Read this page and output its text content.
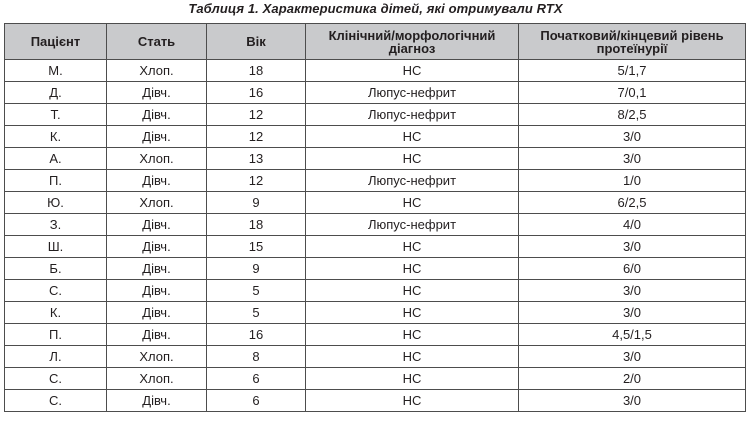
Таблиця 1. Характеристика дітей, які отримували RTX
Пацієнт	Стать	Вік	Клінічний/морфологічний діагноз	Початковий/кінцевий рівень протеїнурії
М.	Хлоп.	18	НС	5/1,7
Д.	Дівч.	16	Люпус-нефрит	7/0,1
Т.	Дівч.	12	Люпус-нефрит	8/2,5
К.	Дівч.	12	НС	3/0
А.	Хлоп.	13	НС	3/0
П.	Дівч.	12	Люпус-нефрит	1/0
Ю.	Хлоп.	9	НС	6/2,5
З.	Дівч.	18	Люпус-нефрит	4/0
Ш.	Дівч.	15	НС	3/0
Б.	Дівч.	9	НС	6/0
С.	Дівч.	5	НС	3/0
К.	Дівч.	5	НС	3/0
П.	Дівч.	16	НС	4,5/1,5
Л.	Хлоп.	8	НС	3/0
С.	Хлоп.	6	НС	2/0
С.	Дівч.	6	НС	3/0
